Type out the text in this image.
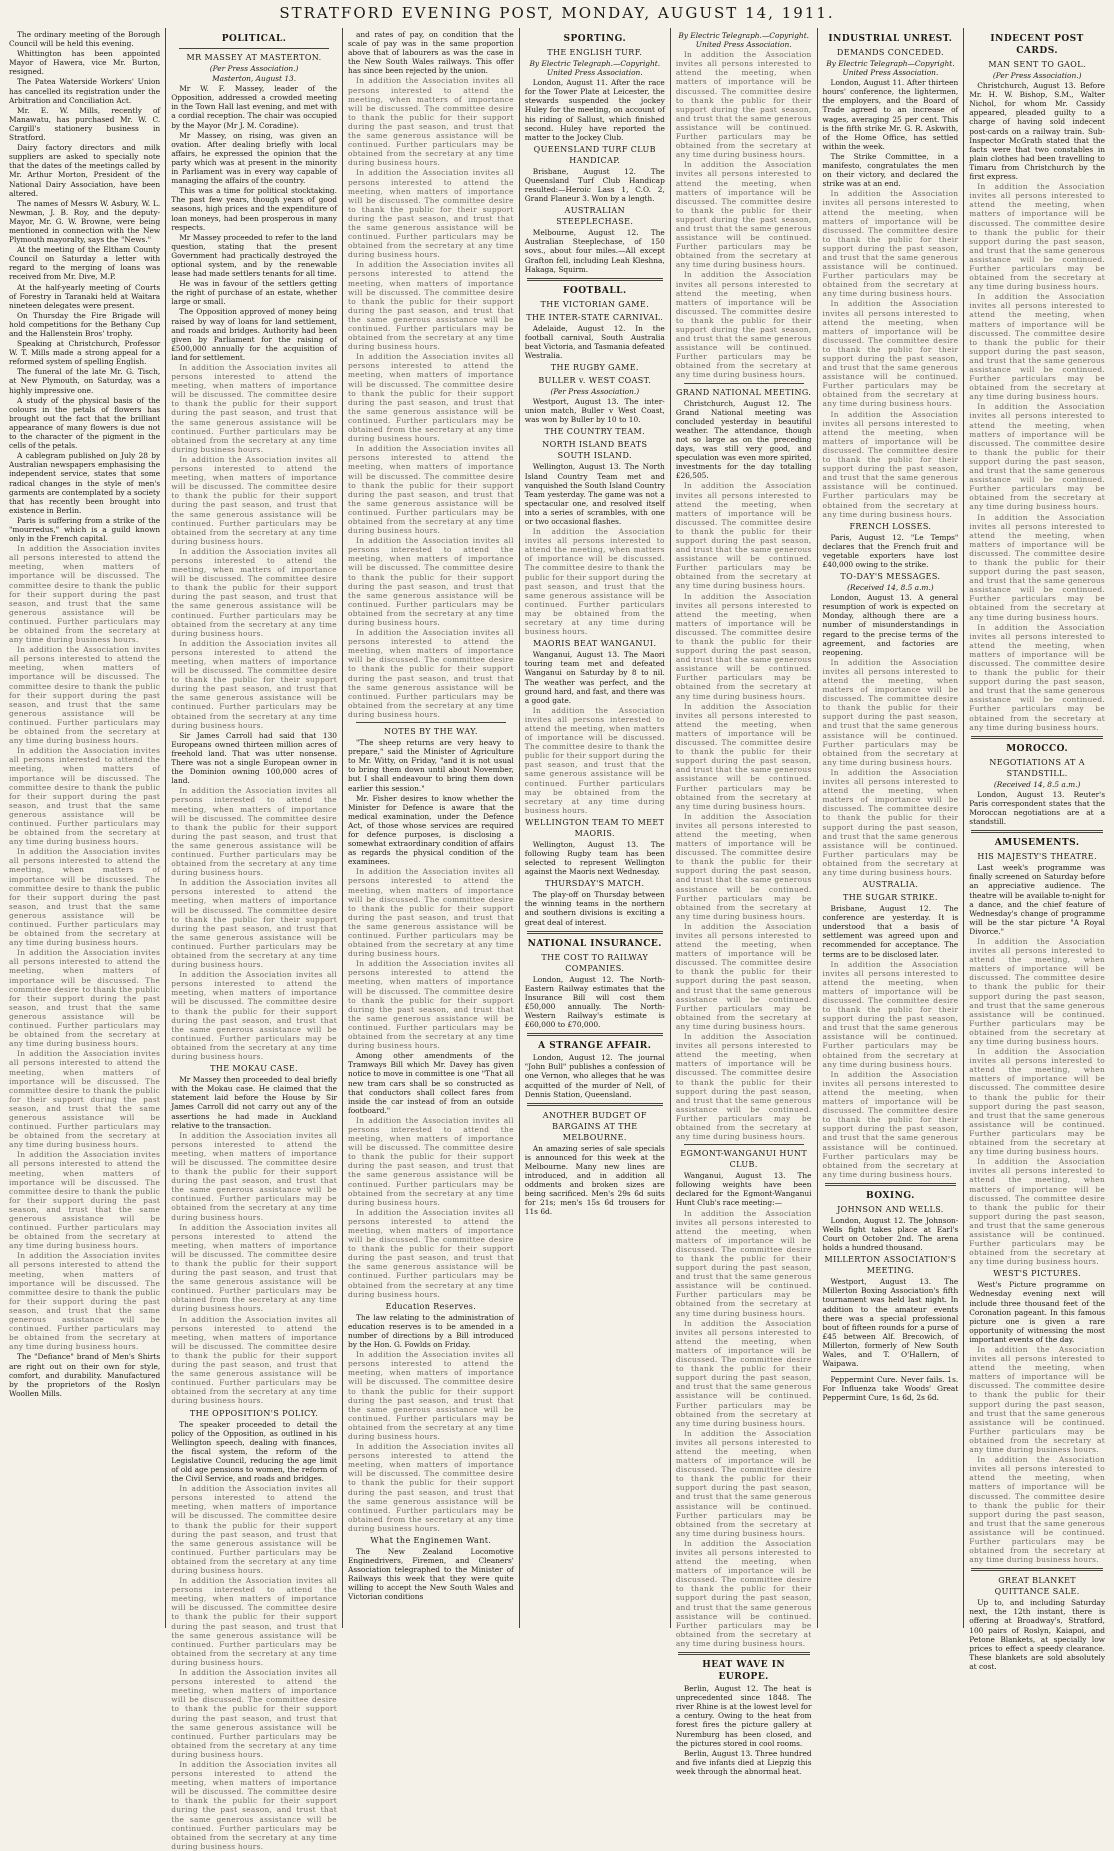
STRATFORD EVENING POST, MONDAY, AUGUST 14, 1911.

The ordinary meeting of the Borough Council will be held this evening.

Whittington has been appointed Mayor of Hawera, vice Mr. Burton, resigned.

The Patea Waterside Workers' Union has cancelled its registration under the Arbitration and Conciliation Act.

Mr. E. W. Mills, recently of Manawatu, has purchased Mr. W. C. Cargill's stationery business in Stratford.

Dairy factory directors and milk suppliers are asked to specially note that the dates of the meetings called by Mr. Arthur Morton, President of the National Dairy Association, have been altered.

The names of Messrs W. Asbury, W. L. Newman, J. B. Roy, and the deputy-Mayor, Mr. G. W. Browne, were being mentioned in connection with the New Plymouth mayoralty, says the "News."

At the meeting of the Eltham County Council on Saturday a letter with regard to the merging of loans was received from Mr. Dive, M.P.

At the half-yearly meeting of Courts of Forestry in Taranaki held at Waitara nineteen delegates were present.

On Thursday the Fire Brigade will hold competitions for the Bethany Cup and the Hallenstein Bros' trophy.

Speaking at Christchurch, Professor W. T. Mills made a strong appeal for a reformed system of spelling English.

The funeral of the late Mr. G. Tisch, at New Plymouth, on Saturday, was a highly impressive one.

A study of the physical basis of the colours in the petals of flowers has brought out the fact that the brilliant appearance of many flowers is due not to the character of the pigment in the cells of the petals.

A cablegram published on July 28 by Australian newspapers emphasising the independent service, states that some radical changes in the style of men's garments are contemplated by a society that has recently been brought into existence in Berlin.

Paris is suffering from a strike of the "mourredus," which is a guild known only in the French capital.

In addition the Association invites all persons interested to attend the meeting, when matters of importance will be discussed. The committee desire to thank the public for their support during the past season, and trust that the same generous assistance will be continued. Further particulars may be obtained from the secretary at any time during business hours.

In addition the Association invites all persons interested to attend the meeting, when matters of importance will be discussed. The committee desire to thank the public for their support during the past season, and trust that the same generous assistance will be continued. Further particulars may be obtained from the secretary at any time during business hours.

In addition the Association invites all persons interested to attend the meeting, when matters of importance will be discussed. The committee desire to thank the public for their support during the past season, and trust that the same generous assistance will be continued. Further particulars may be obtained from the secretary at any time during business hours.

In addition the Association invites all persons interested to attend the meeting, when matters of importance will be discussed. The committee desire to thank the public for their support during the past season, and trust that the same generous assistance will be continued. Further particulars may be obtained from the secretary at any time during business hours.

In addition the Association invites all persons interested to attend the meeting, when matters of importance will be discussed. The committee desire to thank the public for their support during the past season, and trust that the same generous assistance will be continued. Further particulars may be obtained from the secretary at any time during business hours.

In addition the Association invites all persons interested to attend the meeting, when matters of importance will be discussed. The committee desire to thank the public for their support during the past season, and trust that the same generous assistance will be continued. Further particulars may be obtained from the secretary at any time during business hours.

In addition the Association invites all persons interested to attend the meeting, when matters of importance will be discussed. The committee desire to thank the public for their support during the past season, and trust that the same generous assistance will be continued. Further particulars may be obtained from the secretary at any time during business hours.

In addition the Association invites all persons interested to attend the meeting, when matters of importance will be discussed. The committee desire to thank the public for their support during the past season, and trust that the same generous assistance will be continued. Further particulars may be obtained from the secretary at any time during business hours.

The "Defiance" brand of Men's Shirts are right out on their own for style, comfort, and durability. Manufactured by the proprietors of the Roslyn Woollen Mills.

POLITICAL.
MR MASSEY AT MASTERTON.
(Per Press Association.)
Masterton, August 13.

Mr W. F. Massey, leader of the Opposition, addressed a crowded meeting in the Town Hall last evening, and met with a cordial reception. The chair was occupied by the Mayor (Mr J. M. Coradine).

Mr Massey, on rising, was given an ovation. After dealing briefly with local affairs, he expressed the opinion that the party which was at present in the minority in Parliament was in every way capable of managing the affairs of the country.

This was a time for political stocktaking. The past few years, though years of good seasons, high prices and the expenditure of loan moneys, had been prosperous in many respects.

Mr Massey proceeded to refer to the land question, stating that the present Government had practically destroyed the optional system, and by the renewable lease had made settlers tenants for all time.

He was in favour of the settlers getting the right of purchase of an estate, whether large or small.

The Opposition approved of money being raised by way of loans for land settlement, and roads and bridges. Authority had been given by Parliament for the raising of £500,000 annually for the acquisition of land for settlement.

In addition the Association invites all persons interested to attend the meeting, when matters of importance will be discussed. The committee desire to thank the public for their support during the past season, and trust that the same generous assistance will be continued. Further particulars may be obtained from the secretary at any time during business hours.

In addition the Association invites all persons interested to attend the meeting, when matters of importance will be discussed. The committee desire to thank the public for their support during the past season, and trust that the same generous assistance will be continued. Further particulars may be obtained from the secretary at any time during business hours.

In addition the Association invites all persons interested to attend the meeting, when matters of importance will be discussed. The committee desire to thank the public for their support during the past season, and trust that the same generous assistance will be continued. Further particulars may be obtained from the secretary at any time during business hours.

In addition the Association invites all persons interested to attend the meeting, when matters of importance will be discussed. The committee desire to thank the public for their support during the past season, and trust that the same generous assistance will be continued. Further particulars may be obtained from the secretary at any time during business hours.

Sir James Carroll had said that 130 Europeans owned thirteen million acres of freehold land. That was utter nonsense. There was not a single European owner in the Dominion owning 100,000 acres of land.

In addition the Association invites all persons interested to attend the meeting, when matters of importance will be discussed. The committee desire to thank the public for their support during the past season, and trust that the same generous assistance will be continued. Further particulars may be obtained from the secretary at any time during business hours.

In addition the Association invites all persons interested to attend the meeting, when matters of importance will be discussed. The committee desire to thank the public for their support during the past season, and trust that the same generous assistance will be continued. Further particulars may be obtained from the secretary at any time during business hours.

In addition the Association invites all persons interested to attend the meeting, when matters of importance will be discussed. The committee desire to thank the public for their support during the past season, and trust that the same generous assistance will be continued. Further particulars may be obtained from the secretary at any time during business hours.

THE MOKAU CASE.

Mr Massey then proceeded to deal briefly with the Mokau case. He claimed that the statement laid before the House by Sir James Carroll did not carry out any of the assertions he had made in Auckland relative to the transaction.

In addition the Association invites all persons interested to attend the meeting, when matters of importance will be discussed. The committee desire to thank the public for their support during the past season, and trust that the same generous assistance will be continued. Further particulars may be obtained from the secretary at any time during business hours.

In addition the Association invites all persons interested to attend the meeting, when matters of importance will be discussed. The committee desire to thank the public for their support during the past season, and trust that the same generous assistance will be continued. Further particulars may be obtained from the secretary at any time during business hours.

In addition the Association invites all persons interested to attend the meeting, when matters of importance will be discussed. The committee desire to thank the public for their support during the past season, and trust that the same generous assistance will be continued. Further particulars may be obtained from the secretary at any time during business hours.

THE OPPOSITION'S POLICY.

The speaker proceeded to detail the policy of the Opposition, as outlined in his Wellington speech, dealing with finances, the fiscal system, the reform of the Legislative Council, reducing the age limit of old age pensions to women, the reform of the Civil Service, and roads and bridges.

In addition the Association invites all persons interested to attend the meeting, when matters of importance will be discussed. The committee desire to thank the public for their support during the past season, and trust that the same generous assistance will be continued. Further particulars may be obtained from the secretary at any time during business hours.

In addition the Association invites all persons interested to attend the meeting, when matters of importance will be discussed. The committee desire to thank the public for their support during the past season, and trust that the same generous assistance will be continued. Further particulars may be obtained from the secretary at any time during business hours.

In addition the Association invites all persons interested to attend the meeting, when matters of importance will be discussed. The committee desire to thank the public for their support during the past season, and trust that the same generous assistance will be continued. Further particulars may be obtained from the secretary at any time during business hours.

In addition the Association invites all persons interested to attend the meeting, when matters of importance will be discussed. The committee desire to thank the public for their support during the past season, and trust that the same generous assistance will be continued. Further particulars may be obtained from the secretary at any time during business hours.

and rates of pay, on condition that the scale of pay was in the same proportion above that of labourers as was the case in the New South Wales railways. This offer has since been rejected by the union.

In addition the Association invites all persons interested to attend the meeting, when matters of importance will be discussed. The committee desire to thank the public for their support during the past season, and trust that the same generous assistance will be continued. Further particulars may be obtained from the secretary at any time during business hours.

In addition the Association invites all persons interested to attend the meeting, when matters of importance will be discussed. The committee desire to thank the public for their support during the past season, and trust that the same generous assistance will be continued. Further particulars may be obtained from the secretary at any time during business hours.

In addition the Association invites all persons interested to attend the meeting, when matters of importance will be discussed. The committee desire to thank the public for their support during the past season, and trust that the same generous assistance will be continued. Further particulars may be obtained from the secretary at any time during business hours.

In addition the Association invites all persons interested to attend the meeting, when matters of importance will be discussed. The committee desire to thank the public for their support during the past season, and trust that the same generous assistance will be continued. Further particulars may be obtained from the secretary at any time during business hours.

In addition the Association invites all persons interested to attend the meeting, when matters of importance will be discussed. The committee desire to thank the public for their support during the past season, and trust that the same generous assistance will be continued. Further particulars may be obtained from the secretary at any time during business hours.

In addition the Association invites all persons interested to attend the meeting, when matters of importance will be discussed. The committee desire to thank the public for their support during the past season, and trust that the same generous assistance will be continued. Further particulars may be obtained from the secretary at any time during business hours.

In addition the Association invites all persons interested to attend the meeting, when matters of importance will be discussed. The committee desire to thank the public for their support during the past season, and trust that the same generous assistance will be continued. Further particulars may be obtained from the secretary at any time during business hours.

NOTES BY THE WAY.

"The sheep returns are very heavy to prepare," said the Minister of Agriculture to Mr. Witty, on Friday, "and it is not usual to bring them down until about November, but I shall endeavour to bring them down earlier this session."

Mr. Fisher desires to know whether the Minister for Defence is aware that the medical examination, under the Defence Act, of those whose services are required for defence purposes, is disclosing a somewhat extraordinary condition of affairs as regards the physical condition of the examinees.

In addition the Association invites all persons interested to attend the meeting, when matters of importance will be discussed. The committee desire to thank the public for their support during the past season, and trust that the same generous assistance will be continued. Further particulars may be obtained from the secretary at any time during business hours.

In addition the Association invites all persons interested to attend the meeting, when matters of importance will be discussed. The committee desire to thank the public for their support during the past season, and trust that the same generous assistance will be continued. Further particulars may be obtained from the secretary at any time during business hours.

Among other amendments of the Tramways Bill which Mr. Davey has given notice to move in committee is one "That all new tram cars shall be so constructed as that conductors shall collect fares from inside the car instead of from an outside footboard."

In addition the Association invites all persons interested to attend the meeting, when matters of importance will be discussed. The committee desire to thank the public for their support during the past season, and trust that the same generous assistance will be continued. Further particulars may be obtained from the secretary at any time during business hours.

In addition the Association invites all persons interested to attend the meeting, when matters of importance will be discussed. The committee desire to thank the public for their support during the past season, and trust that the same generous assistance will be continued. Further particulars may be obtained from the secretary at any time during business hours.

Education Reserves.

The law relating to the administration of education reserves is to be amended in a number of directions by a Bill introduced by the Hon. G. Fowlds on Friday.

In addition the Association invites all persons interested to attend the meeting, when matters of importance will be discussed. The committee desire to thank the public for their support during the past season, and trust that the same generous assistance will be continued. Further particulars may be obtained from the secretary at any time during business hours.

In addition the Association invites all persons interested to attend the meeting, when matters of importance will be discussed. The committee desire to thank the public for their support during the past season, and trust that the same generous assistance will be continued. Further particulars may be obtained from the secretary at any time during business hours.

What the Enginemen Want.

The New Zealand Locomotive Enginedrivers, Firemen, and Cleaners' Association telegraphed to the Minister of Railways this week that they were quite willing to accept the New South Wales and Victorian conditions

SPORTING.
THE ENGLISH TURF.
By Electric Telegraph.—Copyright. United Press Association.

London, August 11. After the race for the Tower Plate at Leicester, the stewards suspended the jockey Huley for the meeting, on account of his riding of Sallust, which finished second. Huley have reported the matter to the Jockey Club.

QUEENSLAND TURF CLUB HANDICAP.

Brisbane, August 12. The Queensland Turf Club Handicap resulted:—Heroic Lass 1, C.O. 2, Grand Flaneur 3. Won by a length.

AUSTRALIAN STEEPLECHASE.

Melbourne, August 12. The Australian Steeplechase, of 150 sovs., about four miles.—All except Grafton fell, including Leah Kleshna, Hakaga, Squirm.

FOOTBALL.
THE VICTORIAN GAME.
THE INTER-STATE CARNIVAL.

Adelaide, August 12. In the football carnival, South Australia beat Victoria, and Tasmania defeated Westralia.

THE RUGBY GAME.
BULLER v. WEST COAST.
(Per Press Association.)

Westport, August 13. The inter-union match, Buller v West Coast, was won by Buller by 10 to 10.

THE COUNTRY TEAM.
NORTH ISLAND BEATS SOUTH ISLAND.

Wellington, August 13. The North Island Country Team met and vanquished the South Island Country Team yesterday. The game was not a spectacular one, and resolved itself into a series of scrambles, with one or two occasional flashes.

In addition the Association invites all persons interested to attend the meeting, when matters of importance will be discussed. The committee desire to thank the public for their support during the past season, and trust that the same generous assistance will be continued. Further particulars may be obtained from the secretary at any time during business hours.

MAORIS BEAT WANGANUI.

Wanganui, August 13. The Maori touring team met and defeated Wanganui on Saturday by 8 to nil. The weather was perfect, and the ground hard, and fast, and there was a good gate.

In addition the Association invites all persons interested to attend the meeting, when matters of importance will be discussed. The committee desire to thank the public for their support during the past season, and trust that the same generous assistance will be continued. Further particulars may be obtained from the secretary at any time during business hours.

WELLINGTON TEAM TO MEET MAORIS.

Wellington, August 13. The following Rugby team has been selected to represent Wellington against the Maoris next Wednesday.

THURSDAY'S MATCH.

The play-off on Thursday between the winning teams in the northern and southern divisions is exciting a great deal of interest.

NATIONAL INSURANCE.
THE COST TO RAILWAY COMPANIES.

London, August 12. The North-Eastern Railway estimates that the Insurance Bill will cost them £50,000 annually. The North-Western Railway's estimate is £60,000 to £70,000.

A STRANGE AFFAIR.

London, August 12. The journal "John Bull" publishes a confession of one Vernon, who alleges that he was acquitted of the murder of Nell, of Dennis Station, Queensland.

ANOTHER BUDGET OF BARGAINS AT THE MELBOURNE.

An amazing series of sale specials is announced for this week at the Melbourne. Many new lines are introduced, and in addition all oddments and broken sizes are being sacrificed. Men's 29s 6d suits for 21s; men's 15s 6d trousers for 11s 6d.

By Electric Telegraph.—Copyright. United Press Association.

In addition the Association invites all persons interested to attend the meeting, when matters of importance will be discussed. The committee desire to thank the public for their support during the past season, and trust that the same generous assistance will be continued. Further particulars may be obtained from the secretary at any time during business hours.

In addition the Association invites all persons interested to attend the meeting, when matters of importance will be discussed. The committee desire to thank the public for their support during the past season, and trust that the same generous assistance will be continued. Further particulars may be obtained from the secretary at any time during business hours.

In addition the Association invites all persons interested to attend the meeting, when matters of importance will be discussed. The committee desire to thank the public for their support during the past season, and trust that the same generous assistance will be continued. Further particulars may be obtained from the secretary at any time during business hours.

GRAND NATIONAL MEETING.

Christchurch, August 12. The Grand National meeting was concluded yesterday in beautiful weather. The attendance, though not so large as on the preceding days, was still very good, and speculation was even more spirited, investments for the day totalling £26,505.

In addition the Association invites all persons interested to attend the meeting, when matters of importance will be discussed. The committee desire to thank the public for their support during the past season, and trust that the same generous assistance will be continued. Further particulars may be obtained from the secretary at any time during business hours.

In addition the Association invites all persons interested to attend the meeting, when matters of importance will be discussed. The committee desire to thank the public for their support during the past season, and trust that the same generous assistance will be continued. Further particulars may be obtained from the secretary at any time during business hours.

In addition the Association invites all persons interested to attend the meeting, when matters of importance will be discussed. The committee desire to thank the public for their support during the past season, and trust that the same generous assistance will be continued. Further particulars may be obtained from the secretary at any time during business hours.

In addition the Association invites all persons interested to attend the meeting, when matters of importance will be discussed. The committee desire to thank the public for their support during the past season, and trust that the same generous assistance will be continued. Further particulars may be obtained from the secretary at any time during business hours.

In addition the Association invites all persons interested to attend the meeting, when matters of importance will be discussed. The committee desire to thank the public for their support during the past season, and trust that the same generous assistance will be continued. Further particulars may be obtained from the secretary at any time during business hours.

In addition the Association invites all persons interested to attend the meeting, when matters of importance will be discussed. The committee desire to thank the public for their support during the past season, and trust that the same generous assistance will be continued. Further particulars may be obtained from the secretary at any time during business hours.

EGMONT-WANGANUI HUNT CLUB.

Wanganui, August 13. The following weights have been declared for the Egmont-Wanganui Hunt Club's race meeting:—

In addition the Association invites all persons interested to attend the meeting, when matters of importance will be discussed. The committee desire to thank the public for their support during the past season, and trust that the same generous assistance will be continued. Further particulars may be obtained from the secretary at any time during business hours.

In addition the Association invites all persons interested to attend the meeting, when matters of importance will be discussed. The committee desire to thank the public for their support during the past season, and trust that the same generous assistance will be continued. Further particulars may be obtained from the secretary at any time during business hours.

In addition the Association invites all persons interested to attend the meeting, when matters of importance will be discussed. The committee desire to thank the public for their support during the past season, and trust that the same generous assistance will be continued. Further particulars may be obtained from the secretary at any time during business hours.

In addition the Association invites all persons interested to attend the meeting, when matters of importance will be discussed. The committee desire to thank the public for their support during the past season, and trust that the same generous assistance will be continued. Further particulars may be obtained from the secretary at any time during business hours.

HEAT WAVE IN EUROPE.

Berlin, August 12. The heat is unprecedented since 1848. The river Rhine is at the lowest level for a century. Owing to the heat from forest fires the picture gallery at Nuremburg has been closed, and the pictures stored in cool rooms.

Berlin, August 13. Three hundred and five infants died at Liepzig this week through the abnormal heat.

INDUSTRIAL UNREST.
DEMANDS CONCEDED.
By Electric Telegraph—Copyright. United Press Association.

London, August 11. After thirteen hours' conference, the lightermen, the employers, and the Board of Trade agreed to an increase of wages, averaging 25 per cent. This is the fifth strike Mr. G. R. Askwith, of the Home Office, has settled within the week.

The Strike Committee, in a manifesto, congratulates the men on their victory, and declared the strike was at an end.

In addition the Association invites all persons interested to attend the meeting, when matters of importance will be discussed. The committee desire to thank the public for their support during the past season, and trust that the same generous assistance will be continued. Further particulars may be obtained from the secretary at any time during business hours.

In addition the Association invites all persons interested to attend the meeting, when matters of importance will be discussed. The committee desire to thank the public for their support during the past season, and trust that the same generous assistance will be continued. Further particulars may be obtained from the secretary at any time during business hours.

In addition the Association invites all persons interested to attend the meeting, when matters of importance will be discussed. The committee desire to thank the public for their support during the past season, and trust that the same generous assistance will be continued. Further particulars may be obtained from the secretary at any time during business hours.

FRENCH LOSSES.

Paris, August 12. "Le Temps" declares that the French fruit and vegetable exporters have lost £40,000 owing to the strike.

TO-DAY'S MESSAGES.
(Received 14, 8.5 a.m.)

London, August 13. A general resumption of work is expected on Monday, although there are a number of misunderstandings in regard to the precise terms of the agreement, and factories are reopening.

In addition the Association invites all persons interested to attend the meeting, when matters of importance will be discussed. The committee desire to thank the public for their support during the past season, and trust that the same generous assistance will be continued. Further particulars may be obtained from the secretary at any time during business hours.

In addition the Association invites all persons interested to attend the meeting, when matters of importance will be discussed. The committee desire to thank the public for their support during the past season, and trust that the same generous assistance will be continued. Further particulars may be obtained from the secretary at any time during business hours.

AUSTRALIA.
THE SUGAR STRIKE.

Brisbane, August 12. The conference are yesterday. It is understood that a basis of settlement was agreed upon and recommended for acceptance. The terms are to be disclosed later.

In addition the Association invites all persons interested to attend the meeting, when matters of importance will be discussed. The committee desire to thank the public for their support during the past season, and trust that the same generous assistance will be continued. Further particulars may be obtained from the secretary at any time during business hours.

In addition the Association invites all persons interested to attend the meeting, when matters of importance will be discussed. The committee desire to thank the public for their support during the past season, and trust that the same generous assistance will be continued. Further particulars may be obtained from the secretary at any time during business hours.

BOXING.
JOHNSON AND WELLS.

London, August 12. The Johnson-Wells fight takes place at Earl's Court on October 2nd. The arena holds a hundred thousand.

MILLERTON ASSOCIATION'S MEETING.

Westport, August 13. The Millerton Boxing Association's fifth tournament was held last night. In addition to the amateur events there was a special professional bout of fifteen rounds for a purse of £45 between Alf. Brecowich, of Millerton, formerly of New South Wales, and T. O'Hallern, of Waipawa.

Peppermint Cure. Never fails. 1s. For Influenza take Woods' Great Peppermint Cure, 1s 6d, 2s 6d.

INDECENT POST CARDS.
MAN SENT TO GAOL.
(Per Press Association.)

Christchurch, August 13. Before Mr. H. W. Bishop, S.M., Walter Nichol, for whom Mr. Cassidy appeared, pleaded guilty to a charge of having sold indecent post-cards on a railway train. Sub-Inspector McGrath stated that the facts were that two constables in plain clothes had been travelling to Timaru from Christchurch by the first express.

In addition the Association invites all persons interested to attend the meeting, when matters of importance will be discussed. The committee desire to thank the public for their support during the past season, and trust that the same generous assistance will be continued. Further particulars may be obtained from the secretary at any time during business hours.

In addition the Association invites all persons interested to attend the meeting, when matters of importance will be discussed. The committee desire to thank the public for their support during the past season, and trust that the same generous assistance will be continued. Further particulars may be obtained from the secretary at any time during business hours.

In addition the Association invites all persons interested to attend the meeting, when matters of importance will be discussed. The committee desire to thank the public for their support during the past season, and trust that the same generous assistance will be continued. Further particulars may be obtained from the secretary at any time during business hours.

In addition the Association invites all persons interested to attend the meeting, when matters of importance will be discussed. The committee desire to thank the public for their support during the past season, and trust that the same generous assistance will be continued. Further particulars may be obtained from the secretary at any time during business hours.

In addition the Association invites all persons interested to attend the meeting, when matters of importance will be discussed. The committee desire to thank the public for their support during the past season, and trust that the same generous assistance will be continued. Further particulars may be obtained from the secretary at any time during business hours.

MOROCCO.
NEGOTIATIONS AT A STANDSTILL.
(Received 14, 8.5 a.m.)

London, August 13. Reuter's Paris correspondent states that the Moroccan negotiations are at a standstill.

AMUSEMENTS.
HIS MAJESTY'S THEATRE.

Last week's programme was finally screened on Saturday before an appreciative audience. The theatre will be available to-night for a dance, and the chief feature of Wednesday's change of programme will be the star picture "A Royal Divorce."

In addition the Association invites all persons interested to attend the meeting, when matters of importance will be discussed. The committee desire to thank the public for their support during the past season, and trust that the same generous assistance will be continued. Further particulars may be obtained from the secretary at any time during business hours.

In addition the Association invites all persons interested to attend the meeting, when matters of importance will be discussed. The committee desire to thank the public for their support during the past season, and trust that the same generous assistance will be continued. Further particulars may be obtained from the secretary at any time during business hours.

In addition the Association invites all persons interested to attend the meeting, when matters of importance will be discussed. The committee desire to thank the public for their support during the past season, and trust that the same generous assistance will be continued. Further particulars may be obtained from the secretary at any time during business hours.

WEST'S PICTURES.

West's Picture programme on Wednesday evening next will include three thousand feet of the Coronation pageant. In this famous picture one is given a rare opportunity of witnessing the most important events of the day.

In addition the Association invites all persons interested to attend the meeting, when matters of importance will be discussed. The committee desire to thank the public for their support during the past season, and trust that the same generous assistance will be continued. Further particulars may be obtained from the secretary at any time during business hours.

In addition the Association invites all persons interested to attend the meeting, when matters of importance will be discussed. The committee desire to thank the public for their support during the past season, and trust that the same generous assistance will be continued. Further particulars may be obtained from the secretary at any time during business hours.

GREAT BLANKET QUITTANCE SALE.

Up to, and including Saturday next, the 12th instant, there is offering at Broadway's, Stratford, 100 pairs of Roslyn, Kaiapoi, and Petone Blankets, at specially low prices to effect a speedy clearance. These blankets are sold absolutely at cost.
